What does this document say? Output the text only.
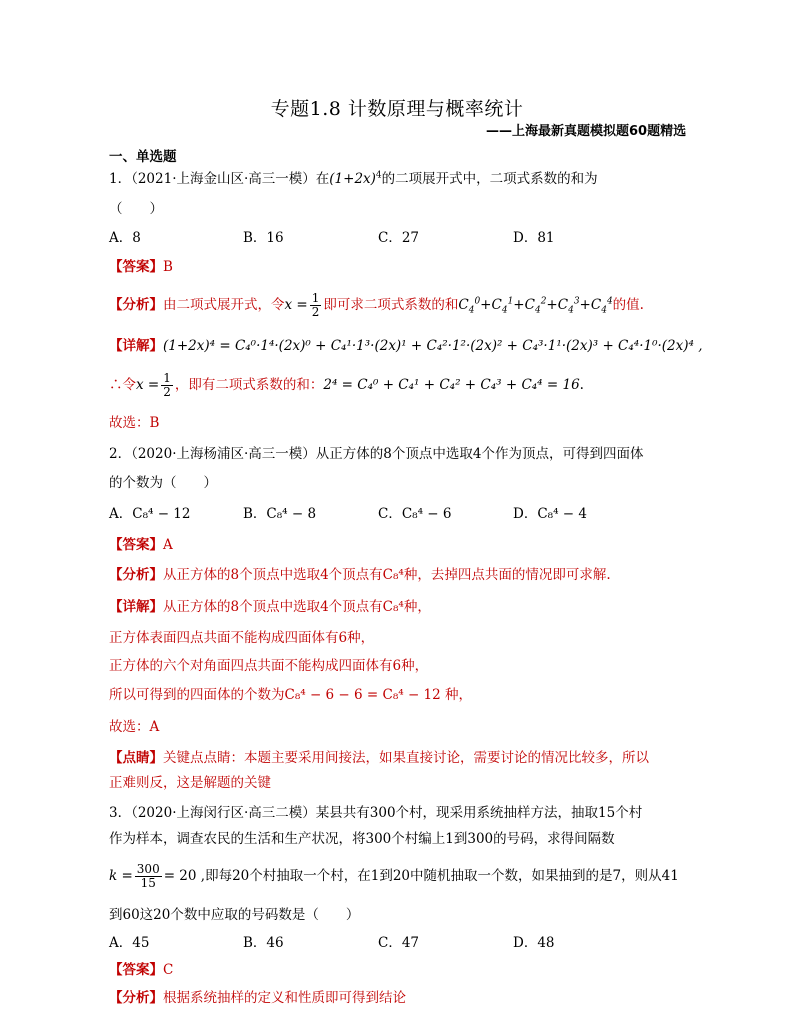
专题1.8 计数原理与概率统计
——上海最新真题模拟题60题精选
一、单选题
1．（2021·上海金山区·高三一模）在$(1+2x)^4$的二项展开式中，二项式系数的和为
（　　）
A．8	B．16	C．27	D．81
【答案】B
【分析】由二项式展开式，令$x = \frac{1}{2}$ 即可求二项式系数的和$C_4^0+C_4^1+C_4^2+C_4^3+C_4^4$的值.
【详解】(1+2x)⁴ = C₄⁰·1⁴·(2x)⁰ + C₄¹·1³·(2x)¹ + C₄²·1²·(2x)² + C₄³·1¹·(2x)³ + C₄⁴·1⁰·(2x)⁴ ,
∴令$x = \frac{1}{2}$ ，即有二项式系数的和：2⁴ = C₄⁰ + C₄¹ + C₄² + C₄³ + C₄⁴ = 16.
故选：B
2．（2020·上海杨浦区·高三一模）从正方体的8个顶点中选取4个作为顶点，可得到四面体
的个数为（　　）
A．C₈⁴ − 12	B．C₈⁴ − 8	C．C₈⁴ − 6	D．C₈⁴ − 4
【答案】A
【分析】从正方体的8个顶点中选取4个顶点有C₈⁴种，去掉四点共面的情况即可求解.
【详解】从正方体的8个顶点中选取4个顶点有C₈⁴种，
正方体表面四点共面不能构成四面体有6种，
正方体的六个对角面四点共面不能构成四面体有6种，
所以可得到的四面体的个数为C₈⁴ − 6 − 6 = C₈⁴ − 12 种，
故选：A
【点睛】关键点点睛：本题主要采用间接法，如果直接讨论，需要讨论的情况比较多，所以
正难则反，这是解题的关键
3．（2020·上海闵行区·高三二模）某县共有300个村，现采用系统抽样方法，抽取15个村
作为样本，调查农民的生活和生产状况，将300个村编上1到300的号码，求得间隔数
$k = \frac{300}{15} = 20$ ,即每20个村抽取一个村，在1到20中随机抽取一个数，如果抽到的是7，则从41
到60这20个数中应取的号码数是（　　）
A．45	B．46	C．47	D．48
【答案】C
【分析】根据系统抽样的定义和性质即可得到结论
